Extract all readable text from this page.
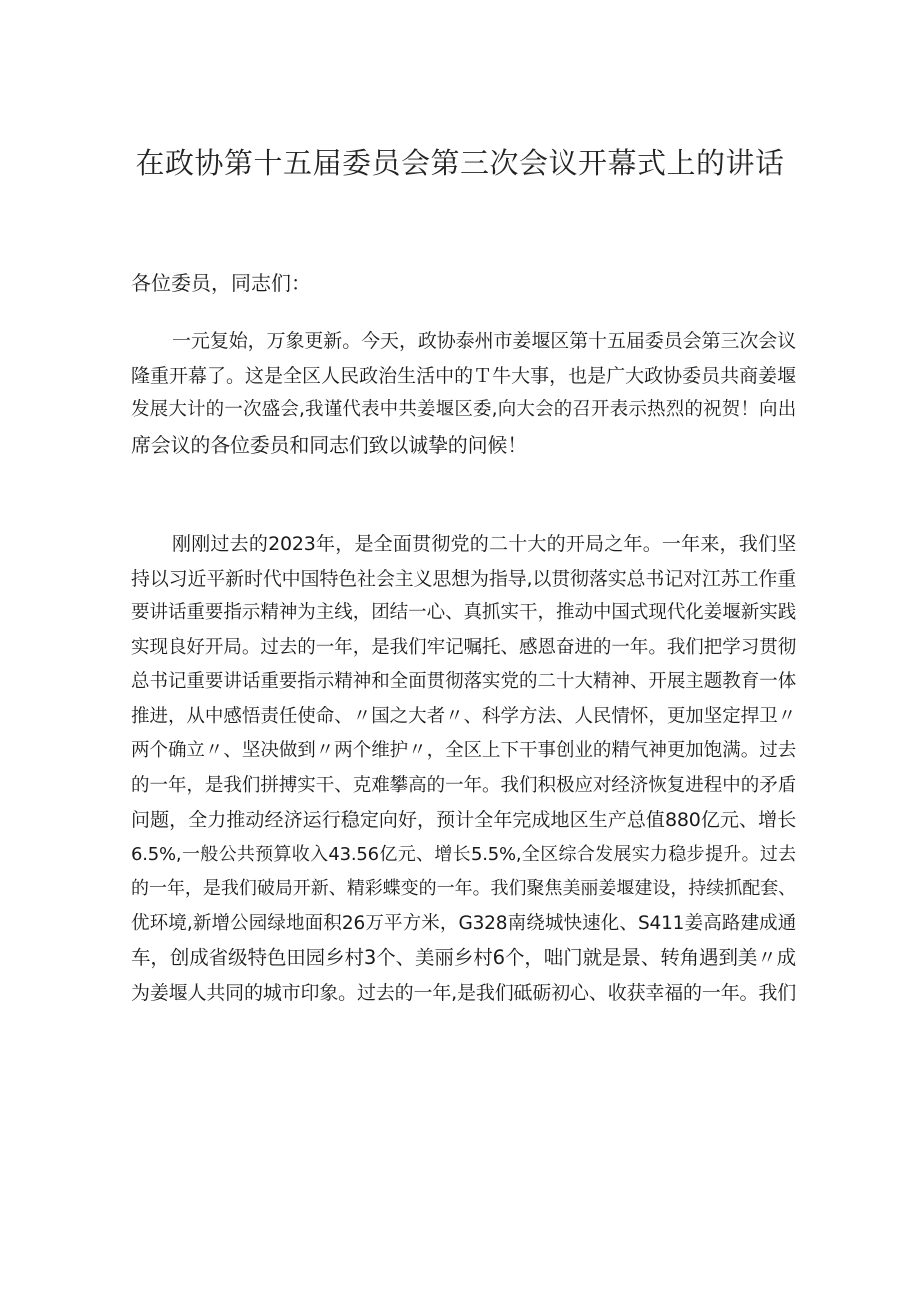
在政协第十五届委员会第三次会议开幕式上的讲话
各位委员，同志们：
一元复始，万象更新。今天，政协泰州市姜堰区第十五届委员会第三次会议
隆重开幕了。这是全区人民政治生活中的Ｔ牛大事，也是广大政协委员共商姜堰
发展大计的一次盛会,我谨代表中共姜堰区委,向大会的召开表示热烈的祝贺！向出
席会议的各位委员和同志们致以诚挚的问候！
刚刚过去的2023年，是全面贯彻党的二十大的开局之年。一年来，我们坚
持以习近平新时代中国特色社会主义思想为指导,以贯彻落实总书记对江苏工作重
要讲话重要指示精神为主线，团结一心、真抓实干，推动中国式现代化姜堰新实践
实现良好开局。过去的一年，是我们牢记嘱托、感恩奋进的一年。我们把学习贯彻
总书记重要讲话重要指示精神和全面贯彻落实党的二十大精神、开展主题教育一体
推进，从中感悟责任使命、〃国之大者〃、科学方法、人民情怀，更加坚定捍卫〃
两个确立〃、坚决做到〃两个维护〃，全区上下干事创业的精气神更加饱满。过去
的一年，是我们拼搏实干、克难攀高的一年。我们积极应对经济恢复进程中的矛盾
问题，全力推动经济运行稳定向好，预计全年完成地区生产总值880亿元、增长
6.5%,一般公共预算收入43.56亿元、增长5.5%,全区综合发展实力稳步提升。过去
的一年，是我们破局开新、精彩蝶变的一年。我们聚焦美丽姜堰建设，持续抓配套、
优环境,新增公园绿地面积26万平方米，G328南绕城快速化、S411姜高路建成通
车，创成省级特色田园乡村3个、美丽乡村6个，咄门就是景、转角遇到美〃成
为姜堰人共同的城市印象。过去的一年,是我们砥砺初心、收获幸福的一年。我们
